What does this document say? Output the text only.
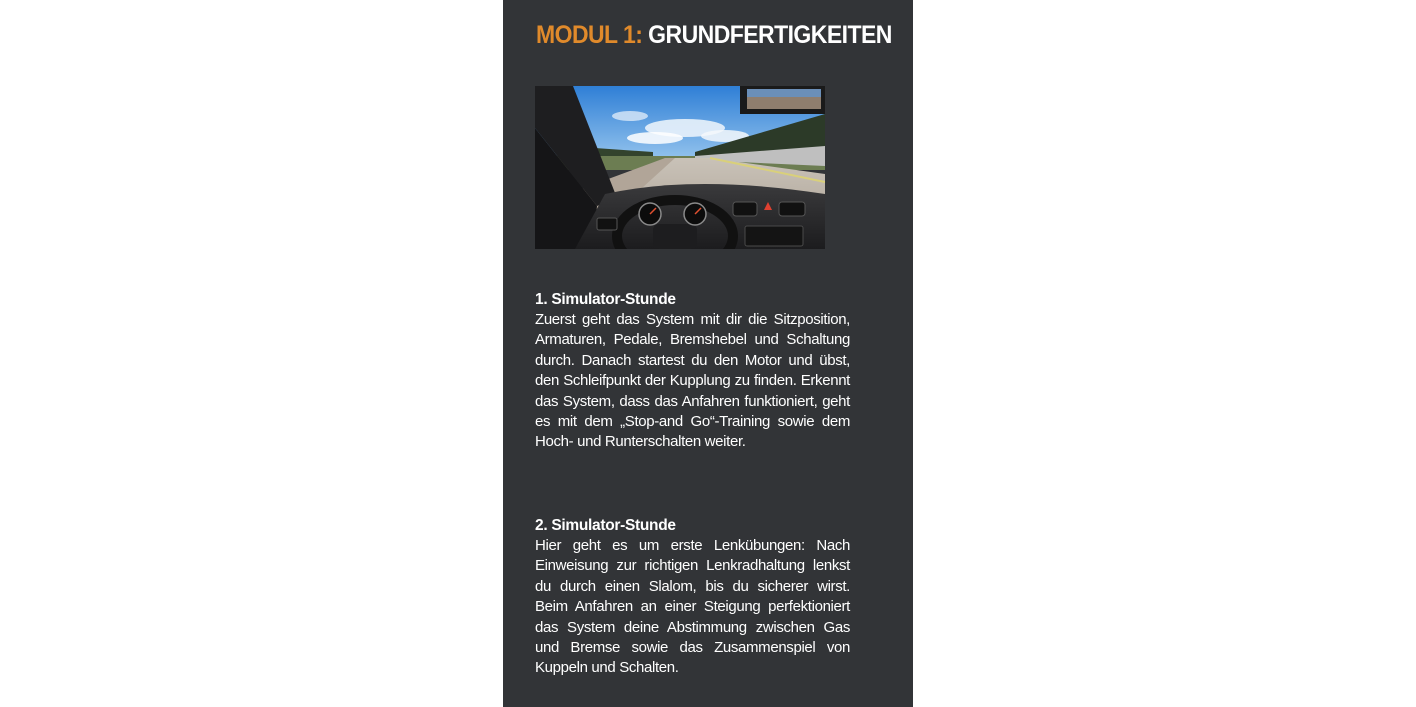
MODUL 1: GRUNDFERTIGKEITEN
1. Simulator-Stunde

Zuerst geht das System mit dir die Sitzposition, Armaturen, Pedale, Bremshebel und Schaltung durch. Danach startest du den Motor und übst, den Schleifpunkt der Kupplung zu finden. Erkennt das System, dass das Anfahren funktioniert, geht es mit dem „Stop-and Go“-Training sowie dem Hoch- und Runterschalten weiter.

2. Simulator-Stunde

Hier geht es um erste Lenkübungen: Nach Einweisung zur richtigen Lenkradhaltung lenkst du durch einen Slalom, bis du sicherer wirst. Beim Anfahren an einer Steigung perfektioniert das System deine Abstimmung zwischen Gas und Bremse sowie das Zusammenspiel von Kuppeln und Schalten.
